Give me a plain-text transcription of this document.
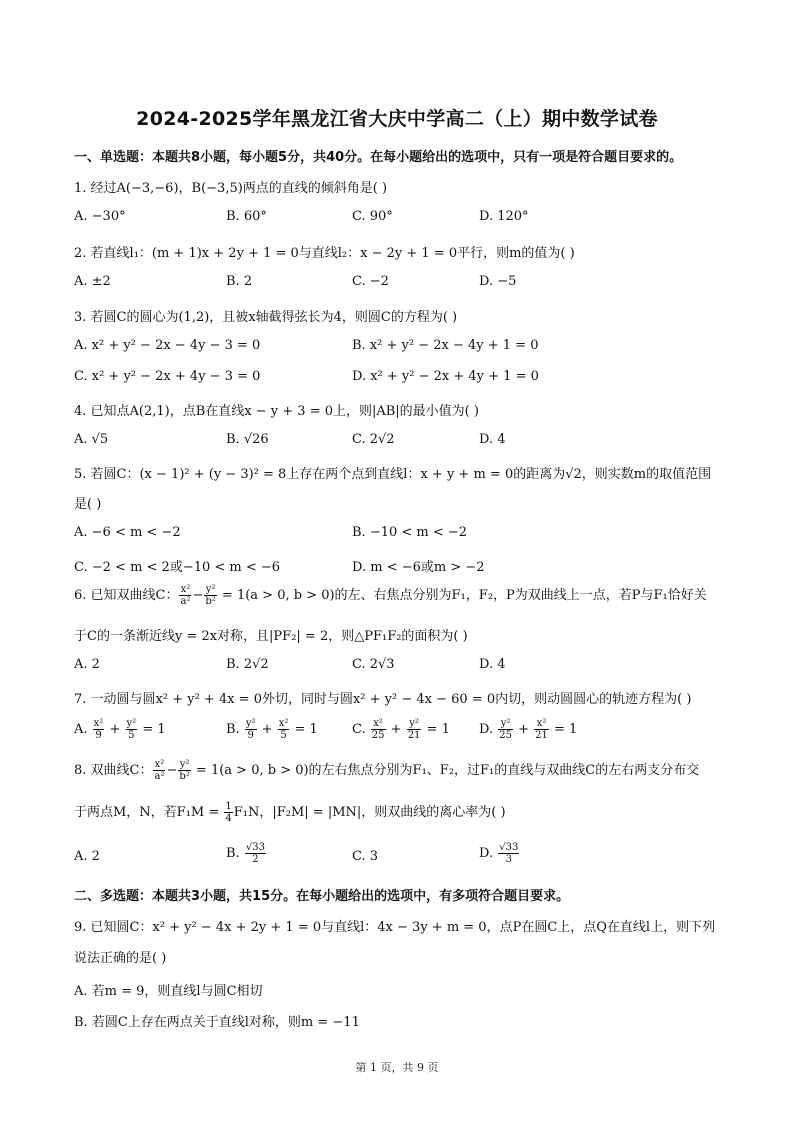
2024-2025学年黑龙江省大庆中学高二（上）期中数学试卷
一、单选题：本题共8小题，每小题5分，共40分。在每小题给出的选项中，只有一项是符合题目要求的。
1. 经过A(−3,−6)，B(−3,5)两点的直线的倾斜角是( )
A. −30°	B. 60°	C. 90°	D. 120°
2. 若直线l₁：(m + 1)x + 2y + 1 = 0与直线l₂：x − 2y + 1 = 0平行，则m的值为( )
A. ±2	B. 2	C. −2	D. −5
3. 若圆C的圆心为(1,2)，且被x轴截得弦长为4，则圆C的方程为( )
A. x² + y² − 2x − 4y − 3 = 0	B. x² + y² − 2x − 4y + 1 = 0
C. x² + y² − 2x + 4y − 3 = 0	D. x² + y² − 2x + 4y + 1 = 0
4. 已知点A(2,1)，点B在直线x − y + 3 = 0上，则|AB|的最小值为( )
A. √5	B. √26	C. 2√2	D. 4
5. 若圆C：(x − 1)² + (y − 3)² = 8上存在两个点到直线l：x + y + m = 0的距离为√2，则实数m的取值范围
是( )
A. −6 < m < −2	B. −10 < m < −2
C. −2 < m < 2或−10 < m < −6	D. m < −6或m > −2
6. 已知双曲线C： $\frac{\text{x²}}{\text{a²}} - \frac{\text{y²}}{\text{b²}} = 1(a > 0$, b > 0)的左、右焦点分别为F₁，F₂，P为双曲线上一点，若P与F₁恰好关
于C的一条渐近线y = 2x对称，且|PF₂| = 2，则△PF₁F₂的面积为( )
A. 2	B. 2√2	C. 2√3	D. 4
7. 一动圆与圆x² + y² + 4x = 0外切，同时与圆x² + y² − 4x − 60 = 0内切，则动圆圆心的轨迹方程为( )
A. $\frac{\text{x²}}{9} + \frac{\text{y²}}{5} = 1$	B. $\frac{\text{y²}}{9} + \frac{\text{x²}}{5} = 1$	C. $\frac{\text{x²}}{25} + \frac{\text{y²}}{21} = 1$ D. $\frac{\text{y²}}{25} + \frac{\text{x²}}{21} = 1$
8. 双曲线C： $\frac{\text{x²}}{\text{a²}} - \frac{\text{y²}}{\text{b²}} = 1(a > 0$, b > 0)的左右焦点分别为F₁、F₂，过F₁的直线与双曲线C的左右两支分布交
于两点M，N，若$F_1M = \frac{1}{4} F_1N$，|F₂M| = |MN|，则双曲线的离心率为( )
A. 2	B. $\frac{√33}{2}$	C. 3	D. $\frac{√33}{3}$
二、多选题：本题共3小题，共15分。在每小题给出的选项中，有多项符合题目要求。
9. 已知圆C：x² + y² − 4x + 2y + 1 = 0与直线l：4x − 3y + m = 0，点P在圆C上，点Q在直线l上，则下列
说法正确的是( )
A. 若m = 9，则直线l与圆C相切
B. 若圆C上存在两点关于直线l对称，则m = −11
第 1 页，共 9 页
